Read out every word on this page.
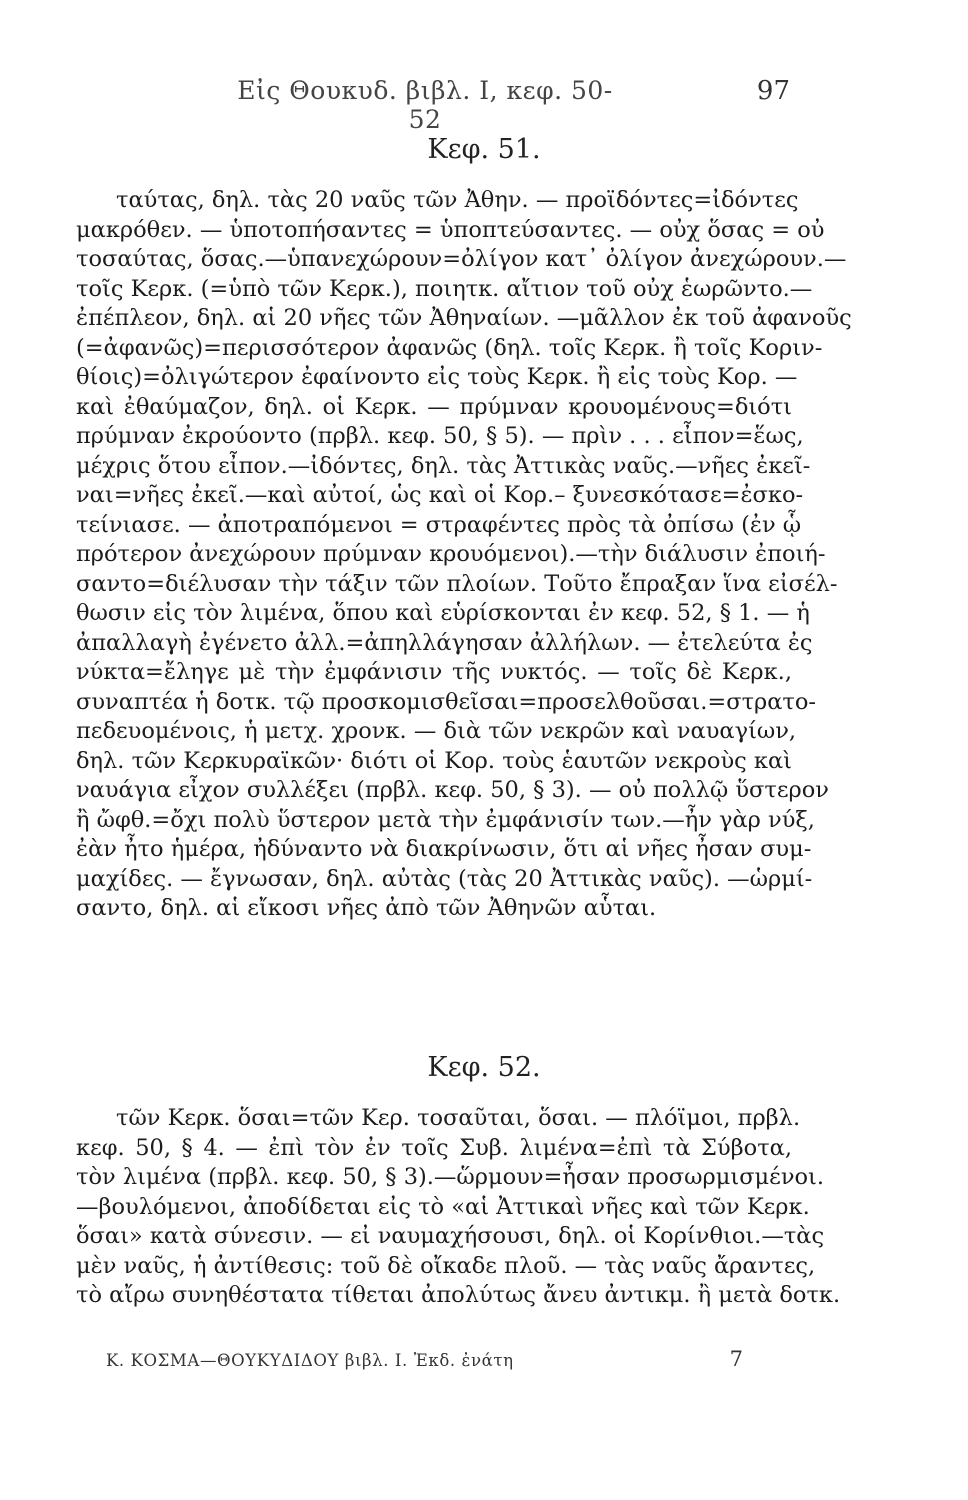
Εἰς Θουκυδ. βιβλ. Ι, κεφ. 50-52
97
Κεφ. 51.
ταύτας, δηλ. τὰς 20 ναῦς τῶν Ἀθην. — προϊδόντες=ἰδόντες
μακρόθεν. — ὑποτοπήσαντες = ὑποπτεύσαντες. — οὐχ ὅσας = οὐ
τοσαύτας, ὅσας.—ὑπανεχώρουν=ὀλίγον κατ᾽ ὀλίγον ἀνεχώρουν.—
τοῖς Κερκ. (=ὑπὸ τῶν Κερκ.), ποιητκ. αἴτιον τοῦ οὐχ ἑωρῶντο.—
ἐπέπλεον, δηλ. αἱ 20 νῆες τῶν Ἀθηναίων. —μᾶλλον ἐκ τοῦ ἀφανοῦς
(=ἀφανῶς)=περισσότερον ἀφανῶς (δηλ. τοῖς Κερκ. ἢ τοῖς Κοριν-
θίοις)=ὀλιγώτερον ἐφαίνοντο εἰς τοὺς Κερκ. ἢ εἰς τοὺς Κορ. —
καὶ ἐθαύμαζον, δηλ. οἱ Κερκ. — πρύμναν κρουομένους=διότι
πρύμναν ἐκρούοντο (πρβλ. κεφ. 50, § 5). — πρὶν . . . εἶπον=ἕως,
μέχρις ὅτου εἶπον.—ἰδόντες, δηλ. τὰς Ἀττικὰς ναῦς.—νῆες ἐκεῖ-
ναι=νῆες ἐκεῖ.—καὶ αὐτοί, ὡς καὶ οἱ Κορ.– ξυνεσκότασε=ἐσκο-
τείνιασε. — ἀποτραπόμενοι = στραφέντες πρὸς τὰ ὀπίσω (ἐν ᾧ
πρότερον ἀνεχώρουν πρύμναν κρουόμενοι).—τὴν διάλυσιν ἐποιή-
σαντο=διέλυσαν τὴν τάξιν τῶν πλοίων. Τοῦτο ἔπραξαν ἵνα εἰσέλ-
θωσιν εἰς τὸν λιμένα, ὅπου καὶ εὑρίσκονται ἐν κεφ. 52, § 1. — ἡ
ἀπαλλαγὴ ἐγένετο ἀλλ.=ἀπηλλάγησαν ἀλλήλων. — ἐτελεύτα ἐς
νύκτα=ἔληγε μὲ τὴν ἐμφάνισιν τῆς νυκτός. — τοῖς δὲ Κερκ.,
συναπτέα ἡ δοτκ. τῷ προσκομισθεῖσαι=προσελθοῦσαι.=στρατο-
πεδευομένοις, ἡ μετχ. χρονκ. — διὰ τῶν νεκρῶν καὶ ναυαγίων,
δηλ. τῶν Κερκυραϊκῶν· διότι οἱ Κορ. τοὺς ἑαυτῶν νεκροὺς καὶ
ναυάγια εἶχον συλλέξει (πρβλ. κεφ. 50, § 3). — οὐ πολλῷ ὕστερον
ἢ ὤφθ.=ὄχι πολὺ ὕστερον μετὰ τὴν ἐμφάνισίν των.—ἦν γὰρ νύξ,
ἐὰν ἦτο ἡμέρα, ἠδύναντο νὰ διακρίνωσιν, ὅτι αἱ νῆες ἦσαν συμ-
μαχίδες. — ἔγνωσαν, δηλ. αὐτὰς (τὰς 20 Ἀττικὰς ναῦς). —ὡρμί-
σαντο, δηλ. αἱ εἴκοσι νῆες ἀπὸ τῶν Ἀθηνῶν αὗται.
Κεφ. 52.
τῶν Κερκ. ὅσαι=τῶν Κερ. τοσαῦται, ὅσαι. — πλόϊμοι, πρβλ.
κεφ. 50, § 4. — ἐπὶ τὸν ἐν τοῖς Συβ. λιμένα=ἐπὶ τὰ Σύβοτα,
τὸν λιμένα (πρβλ. κεφ. 50, § 3).—ὥρμουν=ἦσαν προσωρμισμένοι.
—βουλόμενοι, ἀποδίδεται εἰς τὸ «αἱ Ἀττικαὶ νῆες καὶ τῶν Κερκ.
ὅσαι» κατὰ σύνεσιν. — εἰ ναυμαχήσουσι, δηλ. οἱ Κορίνθιοι.—τὰς
μὲν ναῦς, ἡ ἀντίθεσις: τοῦ δὲ οἴκαδε πλοῦ. — τὰς ναῦς ἄραντες,
τὸ αἴρω συνηθέστατα τίθεται ἀπολύτως ἄνευ ἀντικμ. ἢ μετὰ δοτκ.
Κ. ΚΟΣΜΑ—ΘΟΥΚΥΔΙΔΟΥ βιβλ. Ι. Ἐκδ. ἐνάτη	7
